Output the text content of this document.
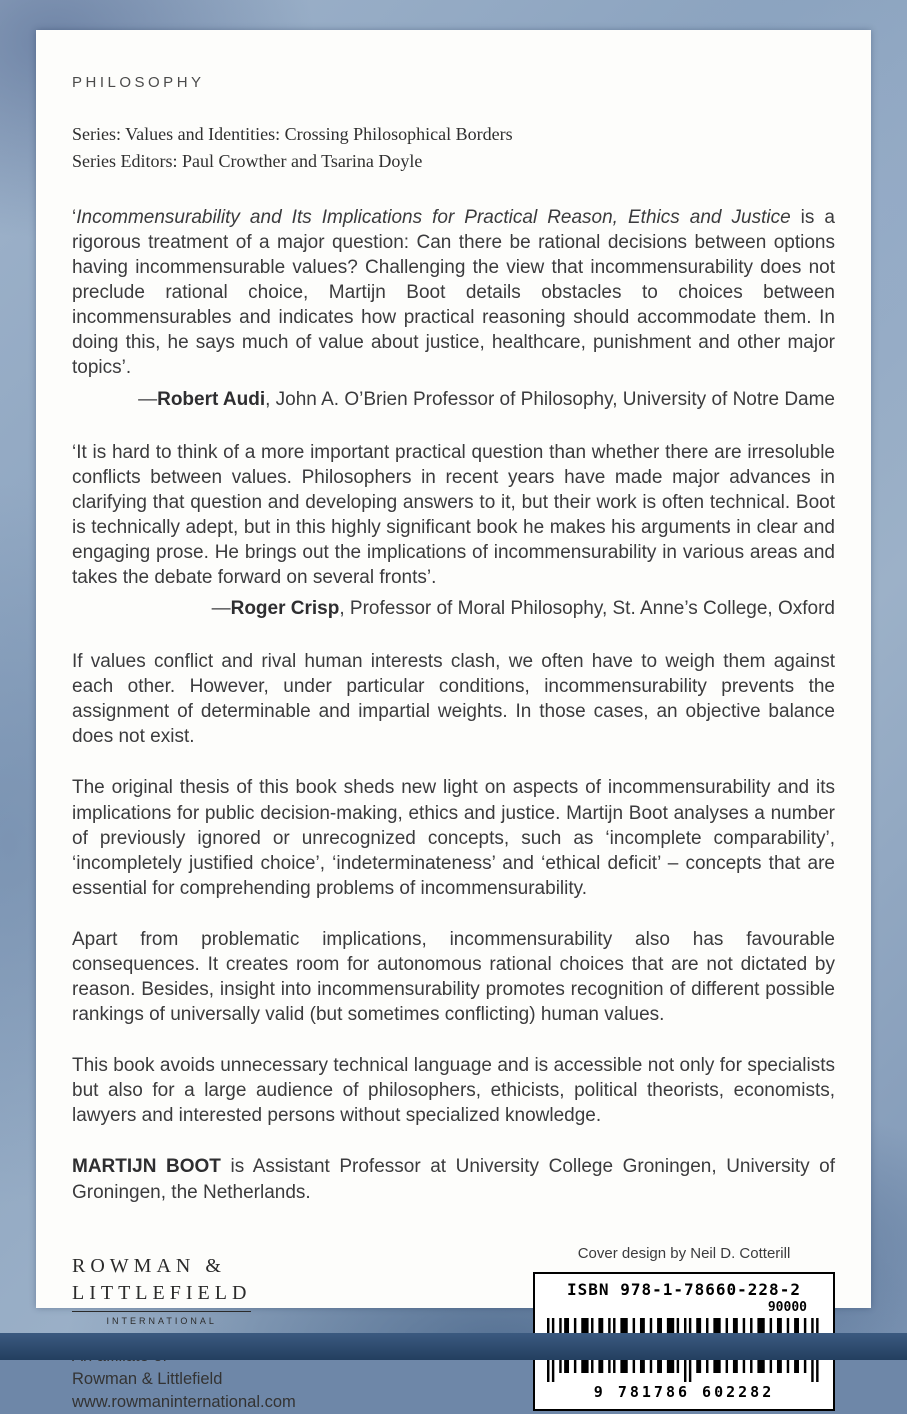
PHILOSOPHY
Series: Values and Identities: Crossing Philosophical Borders
Series Editors: Paul Crowther and Tsarina Doyle

‘Incommensurability and Its Implications for Practical Reason, Ethics and Justice is a rigorous treatment of a major question: Can there be rational decisions between options having incommensurable values? Challenging the view that incommensurability does not preclude rational choice, Martijn Boot details obstacles to choices between incommensurables and indicates how practical reasoning should accommodate them. In doing this, he says much of value about justice, healthcare, punishment and other major topics’.

—Robert Audi, John A. O’Brien Professor of Philosophy, University of Notre Dame

‘It is hard to think of a more important practical question than whether there are irresoluble conflicts between values. Philosophers in recent years have made major advances in clarifying that question and developing answers to it, but their work is often technical. Boot is technically adept, but in this highly significant book he makes his arguments in clear and engaging prose. He brings out the implications of incommensurability in various areas and takes the debate forward on several fronts’.

—Roger Crisp, Professor of Moral Philosophy, St. Anne’s College, Oxford

If values conflict and rival human interests clash, we often have to weigh them against each other. However, under particular conditions, incommensurability prevents the assignment of determinable and impartial weights. In those cases, an objective balance does not exist.

The original thesis of this book sheds new light on aspects of incommensurability and its implications for public decision-making, ethics and justice. Martijn Boot analyses a number of previously ignored or unrecognized concepts, such as ‘incomplete comparability’, ‘incompletely justified choice’, ‘indeterminateness’ and ‘ethical deficit’ – concepts that are essential for comprehending problems of incommensurability.

Apart from problematic implications, incommensurability also has favourable consequences. It creates room for autonomous rational choices that are not dictated by reason. Besides, insight into incommensurability promotes recognition of different possible rankings of universally valid (but sometimes conflicting) human values.

This book avoids unnecessary technical language and is accessible not only for specialists but also for a large audience of philosophers, ethicists, political theorists, economists, lawyers and interested persons without specialized knowledge.

MARTIJN BOOT is Assistant Professor at University College Groningen, University of Groningen, the Netherlands.

ROWMAN &
LITTLEFIELD
INTERNATIONAL
Rowman & Littlefield
www.rowmaninternational.com

Cover design by Neil D. Cotterill

ISBN 978-1-78660-228-2
90000
9 781786 602282
